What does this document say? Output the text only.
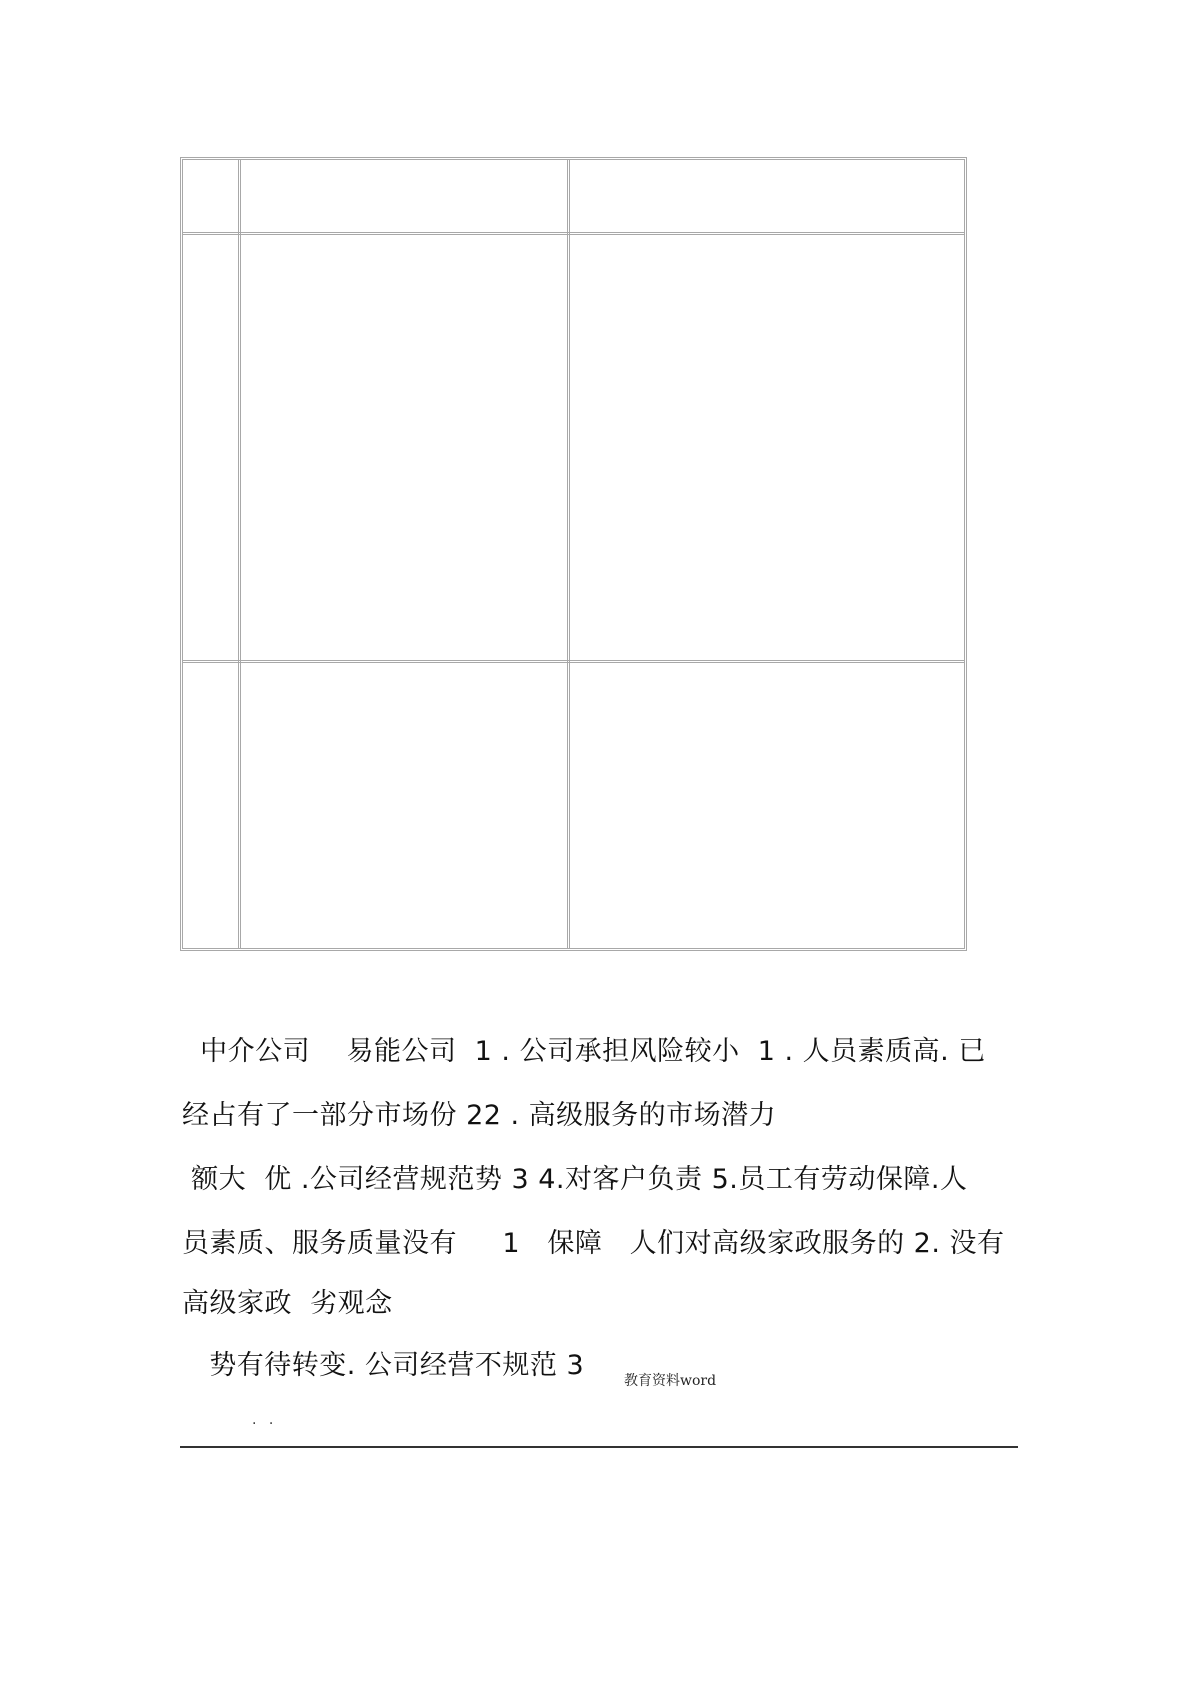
中介公司    易能公司  1 . 公司承担风险较小  1 . 人员素质高. 已
经占有了一部分市场份 22 . 高级服务的市场潜力
额大  优 .公司经营规范势 3 4.对客户负责 5.员工有劳动保障.人
员素质、服务质量没有     1   保障   人们对高级家政服务的 2. 没有
高级家政  劣观念
势有待转变. 公司经营不规范 3	教育资料word
. .
